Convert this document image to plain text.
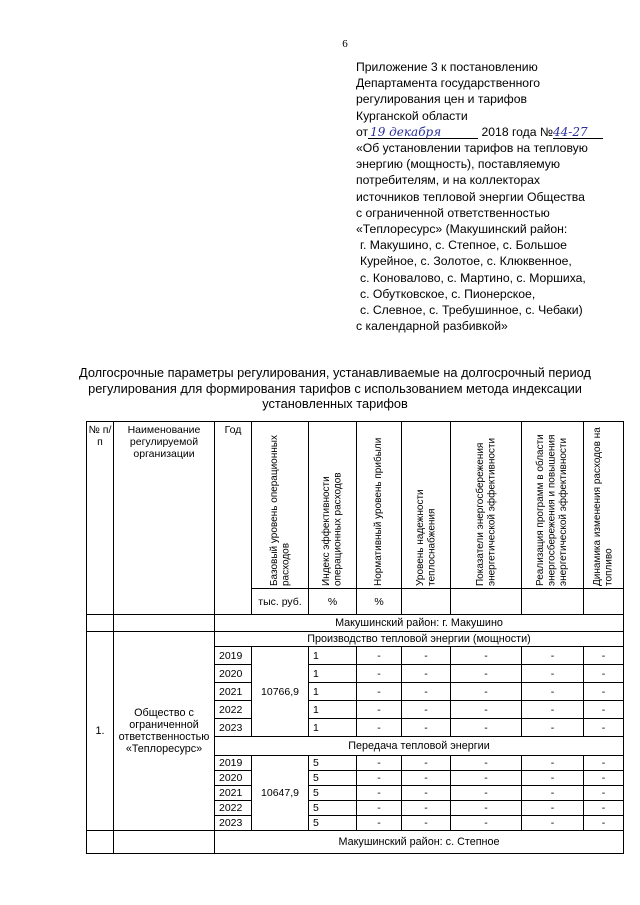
6
Приложение 3 к постановлению
Департамента государственного
регулирования цен и тарифов
Курганской области
от 19 декабря	2018 года №44-27
«Об установлении тарифов на тепловую
энергию (мощность), поставляемую
потребителям, и на коллекторах
источников тепловой энергии Общества
с ограниченной ответственностью
«Теплоресурс» (Макушинский район:
г. Макушино, с. Степное, с. Большое
Курейное, с. Золотое, с. Клюквенное,
с. Коновалово, с. Мартино, с. Моршиха,
с. Обутковское, с. Пионерское,
с. Слевное, с. Требушинное, с. Чебаки)
с календарной разбивкой»
Долгосрочные параметры регулирования, устанавливаемые на долгосрочный период регулирования для формирования тарифов с использованием метода индексации установленных тарифов
№ п/п	Наименование регулируемой организации	Год	Базовый уровень операционных расходов	Индекс эффективности операционных расходов	Нормативный уровень прибыли	Уровень надежности теплоснабжения	Показатели энергосбережения энергетической эффективности	Реализация программ в области энергосбережения и повышения энергетической эффективности	Динамика изменения расходов на топливо

			тыс. руб.	%	%				
		Макушинский район: г. Макушино							
1.	Общество с ограниченной ответственностью «Теплоресурс»	Производство тепловой энергии (мощности)							
		2019	10766,9	1	-	-	-	-	-
		2020		1	-	-	-	-	-
		2021		1	-	-	-	-	-
		2022		1	-	-	-	-	-
		2023		1	-	-	-	-	-
		Передача тепловой энергии							
		2019	10647,9	5	-	-	-	-	-
		2020		5	-	-	-	-	-
		2021		5	-	-	-	-	-
		2022		5	-	-	-	-	-
		2023		5	-	-	-	-	-
		Макушинский район: с. Степное							
